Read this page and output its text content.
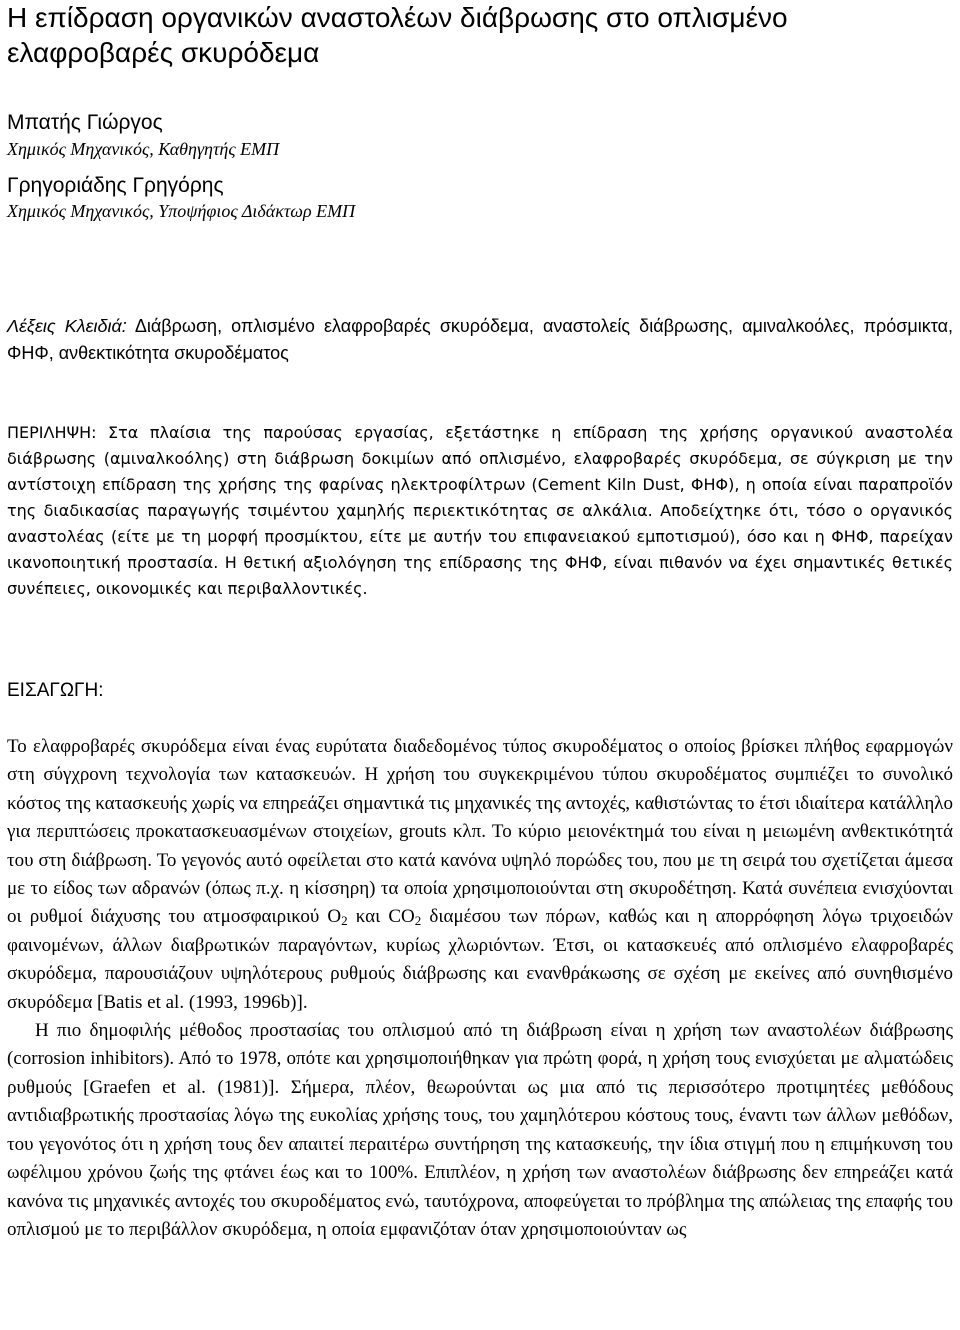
Η επίδραση οργανικών αναστολέων διάβρωσης στο οπλισμένο ελαφροβαρές σκυρόδεμα
Μπατής Γιώργος
Χημικός Μηχανικός, Καθηγητής ΕΜΠ
Γρηγοριάδης Γρηγόρης
Χημικός Μηχανικός, Υποψήφιος Διδάκτωρ ΕΜΠ
Λέξεις Κλειδιά: Διάβρωση, οπλισμένο ελαφροβαρές σκυρόδεμα, αναστολείς διάβρωσης, αμιναλκοόλες, πρόσμικτα, ΦΗΦ, ανθεκτικότητα σκυροδέματος
ΠΕΡΙΛΗΨΗ: Στα πλαίσια της παρούσας εργασίας, εξετάστηκε η επίδραση της χρήσης οργανικού αναστολέα διάβρωσης (αμιναλκοόλης) στη διάβρωση δοκιμίων από οπλισμένο, ελαφροβαρές σκυρόδεμα, σε σύγκριση με την αντίστοιχη επίδραση της χρήσης της φαρίνας ηλεκτροφίλτρων (Cement Kiln Dust, ΦΗΦ), η οποία είναι παραπροϊόν της διαδικασίας παραγωγής τσιμέντου χαμηλής περιεκτικότητας σε αλκάλια. Αποδείχτηκε ότι, τόσο ο οργανικός αναστολέας (είτε με τη μορφή προσμίκτου, είτε με αυτήν του επιφανειακού εμποτισμού), όσο και η ΦΗΦ, παρείχαν ικανοποιητική προστασία. Η θετική αξιολόγηση της επίδρασης της ΦΗΦ, είναι πιθανόν να έχει σημαντικές θετικές συνέπειες, οικονομικές και περιβαλλοντικές.
ΕΙΣΑΓΩΓΗ:

Το ελαφροβαρές σκυρόδεμα είναι ένας ευρύτατα διαδεδομένος τύπος σκυροδέματος ο οποίος βρίσκει πλήθος εφαρμογών στη σύγχρονη τεχνολογία των κατασκευών. Η χρήση του συγκεκριμένου τύπου σκυροδέματος συμπιέζει το συνολικό κόστος της κατασκευής χωρίς να επηρεάζει σημαντικά τις μηχανικές της αντοχές, καθιστώντας το έτσι ιδιαίτερα κατάλληλο για περιπτώσεις προκατασκευασμένων στοιχείων, grouts κλπ. Το κύριο μειονέκτημά του είναι η μειωμένη ανθεκτικότητά του στη διάβρωση. Το γεγονός αυτό οφείλεται στο κατά κανόνα υψηλό πορώδες του, που με τη σειρά του σχετίζεται άμεσα με το είδος των αδρανών (όπως π.χ. η κίσσηρη) τα οποία χρησιμοποιούνται στη σκυροδέτηση. Κατά συνέπεια ενισχύονται οι ρυθμοί διάχυσης του ατμοσφαιρικού $O_2$ και $CO_2$ διαμέσου των πόρων, καθώς και η απορρόφηση λόγω τριχοειδών φαινομένων, άλλων διαβρωτικών παραγόντων, κυρίως χλωριόντων. Έτσι, οι κατασκευές από οπλισμένο ελαφροβαρές σκυρόδεμα, παρουσιάζουν υψηλότερους ρυθμούς διάβρωσης και ενανθράκωσης σε σχέση με εκείνες από συνηθισμένο σκυρόδεμα [Batis et al. (1993, 1996b)].

Η πιο δημοφιλής μέθοδος προστασίας του οπλισμού από τη διάβρωση είναι η χρήση των αναστολέων διάβρωσης (corrosion inhibitors). Από το 1978, οπότε και χρησιμοποιήθηκαν για πρώτη φορά, η χρήση τους ενισχύεται με αλματώδεις ρυθμούς [Graefen et al. (1981)]. Σήμερα, πλέον, θεωρούνται ως μια από τις περισσότερο προτιμητέες μεθόδους αντιδιαβρωτικής προστασίας λόγω της ευκολίας χρήσης τους, του χαμηλότερου κόστους τους, έναντι των άλλων μεθόδων, του γεγονότος ότι η χρήση τους δεν απαιτεί περαιτέρω συντήρηση της κατασκευής, την ίδια στιγμή που η επιμήκυνση του ωφέλιμου χρόνου ζωής της φτάνει έως και το 100%. Επιπλέον, η χρήση των αναστολέων διάβρωσης δεν επηρεάζει κατά κανόνα τις μηχανικές αντοχές του σκυροδέματος ενώ, ταυτόχρονα, αποφεύγεται το πρόβλημα της απώλειας της επαφής του οπλισμού με το περιβάλλον σκυρόδεμα, η οποία εμφανιζόταν όταν χρησιμοποιούνταν ως
